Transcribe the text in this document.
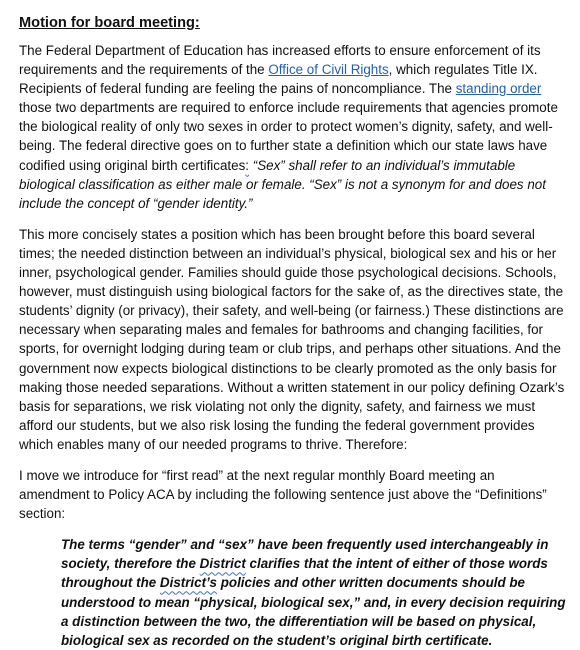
Motion for board meeting:

The Federal Department of Education has increased efforts to ensure enforcement of its requirements and the requirements of the Office of Civil Rights, which regulates Title IX. Recipients of federal funding are feeling the pains of noncompliance. The standing order those two departments are required to enforce include requirements that agencies promote the biological reality of only two sexes in order to protect women’s dignity, safety, and well-being. The federal directive goes on to further state a definition which our state laws have codified using original birth certificates: “Sex” shall refer to an individual’s immutable biological classification as either male or female. “Sex” is not a synonym for and does not include the concept of “gender identity.”

This more concisely states a position which has been brought before this board several times; the needed distinction between an individual’s physical, biological sex and his or her inner, psychological gender. Families should guide those psychological decisions. Schools, however, must distinguish using biological factors for the sake of, as the directives state, the students’ dignity (or privacy), their safety, and well-being (or fairness.) These distinctions are necessary when separating males and females for bathrooms and changing facilities, for sports, for overnight lodging during team or club trips, and perhaps other situations. And the government now expects biological distinctions to be clearly promoted as the only basis for making those needed separations. Without a written statement in our policy defining Ozark’s basis for separations, we risk violating not only the dignity, safety, and fairness we must afford our students, but we also risk losing the funding the federal government provides which enables many of our needed programs to thrive. Therefore:

I move we introduce for “first read” at the next regular monthly Board meeting an amendment to Policy ACA by including the following sentence just above the “Definitions” section:

The terms “gender” and “sex” have been frequently used interchangeably in society, therefore the District clarifies that the intent of either of those words throughout the District’s policies and other written documents should be understood to mean “physical, biological sex,” and, in every decision requiring a distinction between the two, the differentiation will be based on physical, biological sex as recorded on the student’s original birth certificate.
